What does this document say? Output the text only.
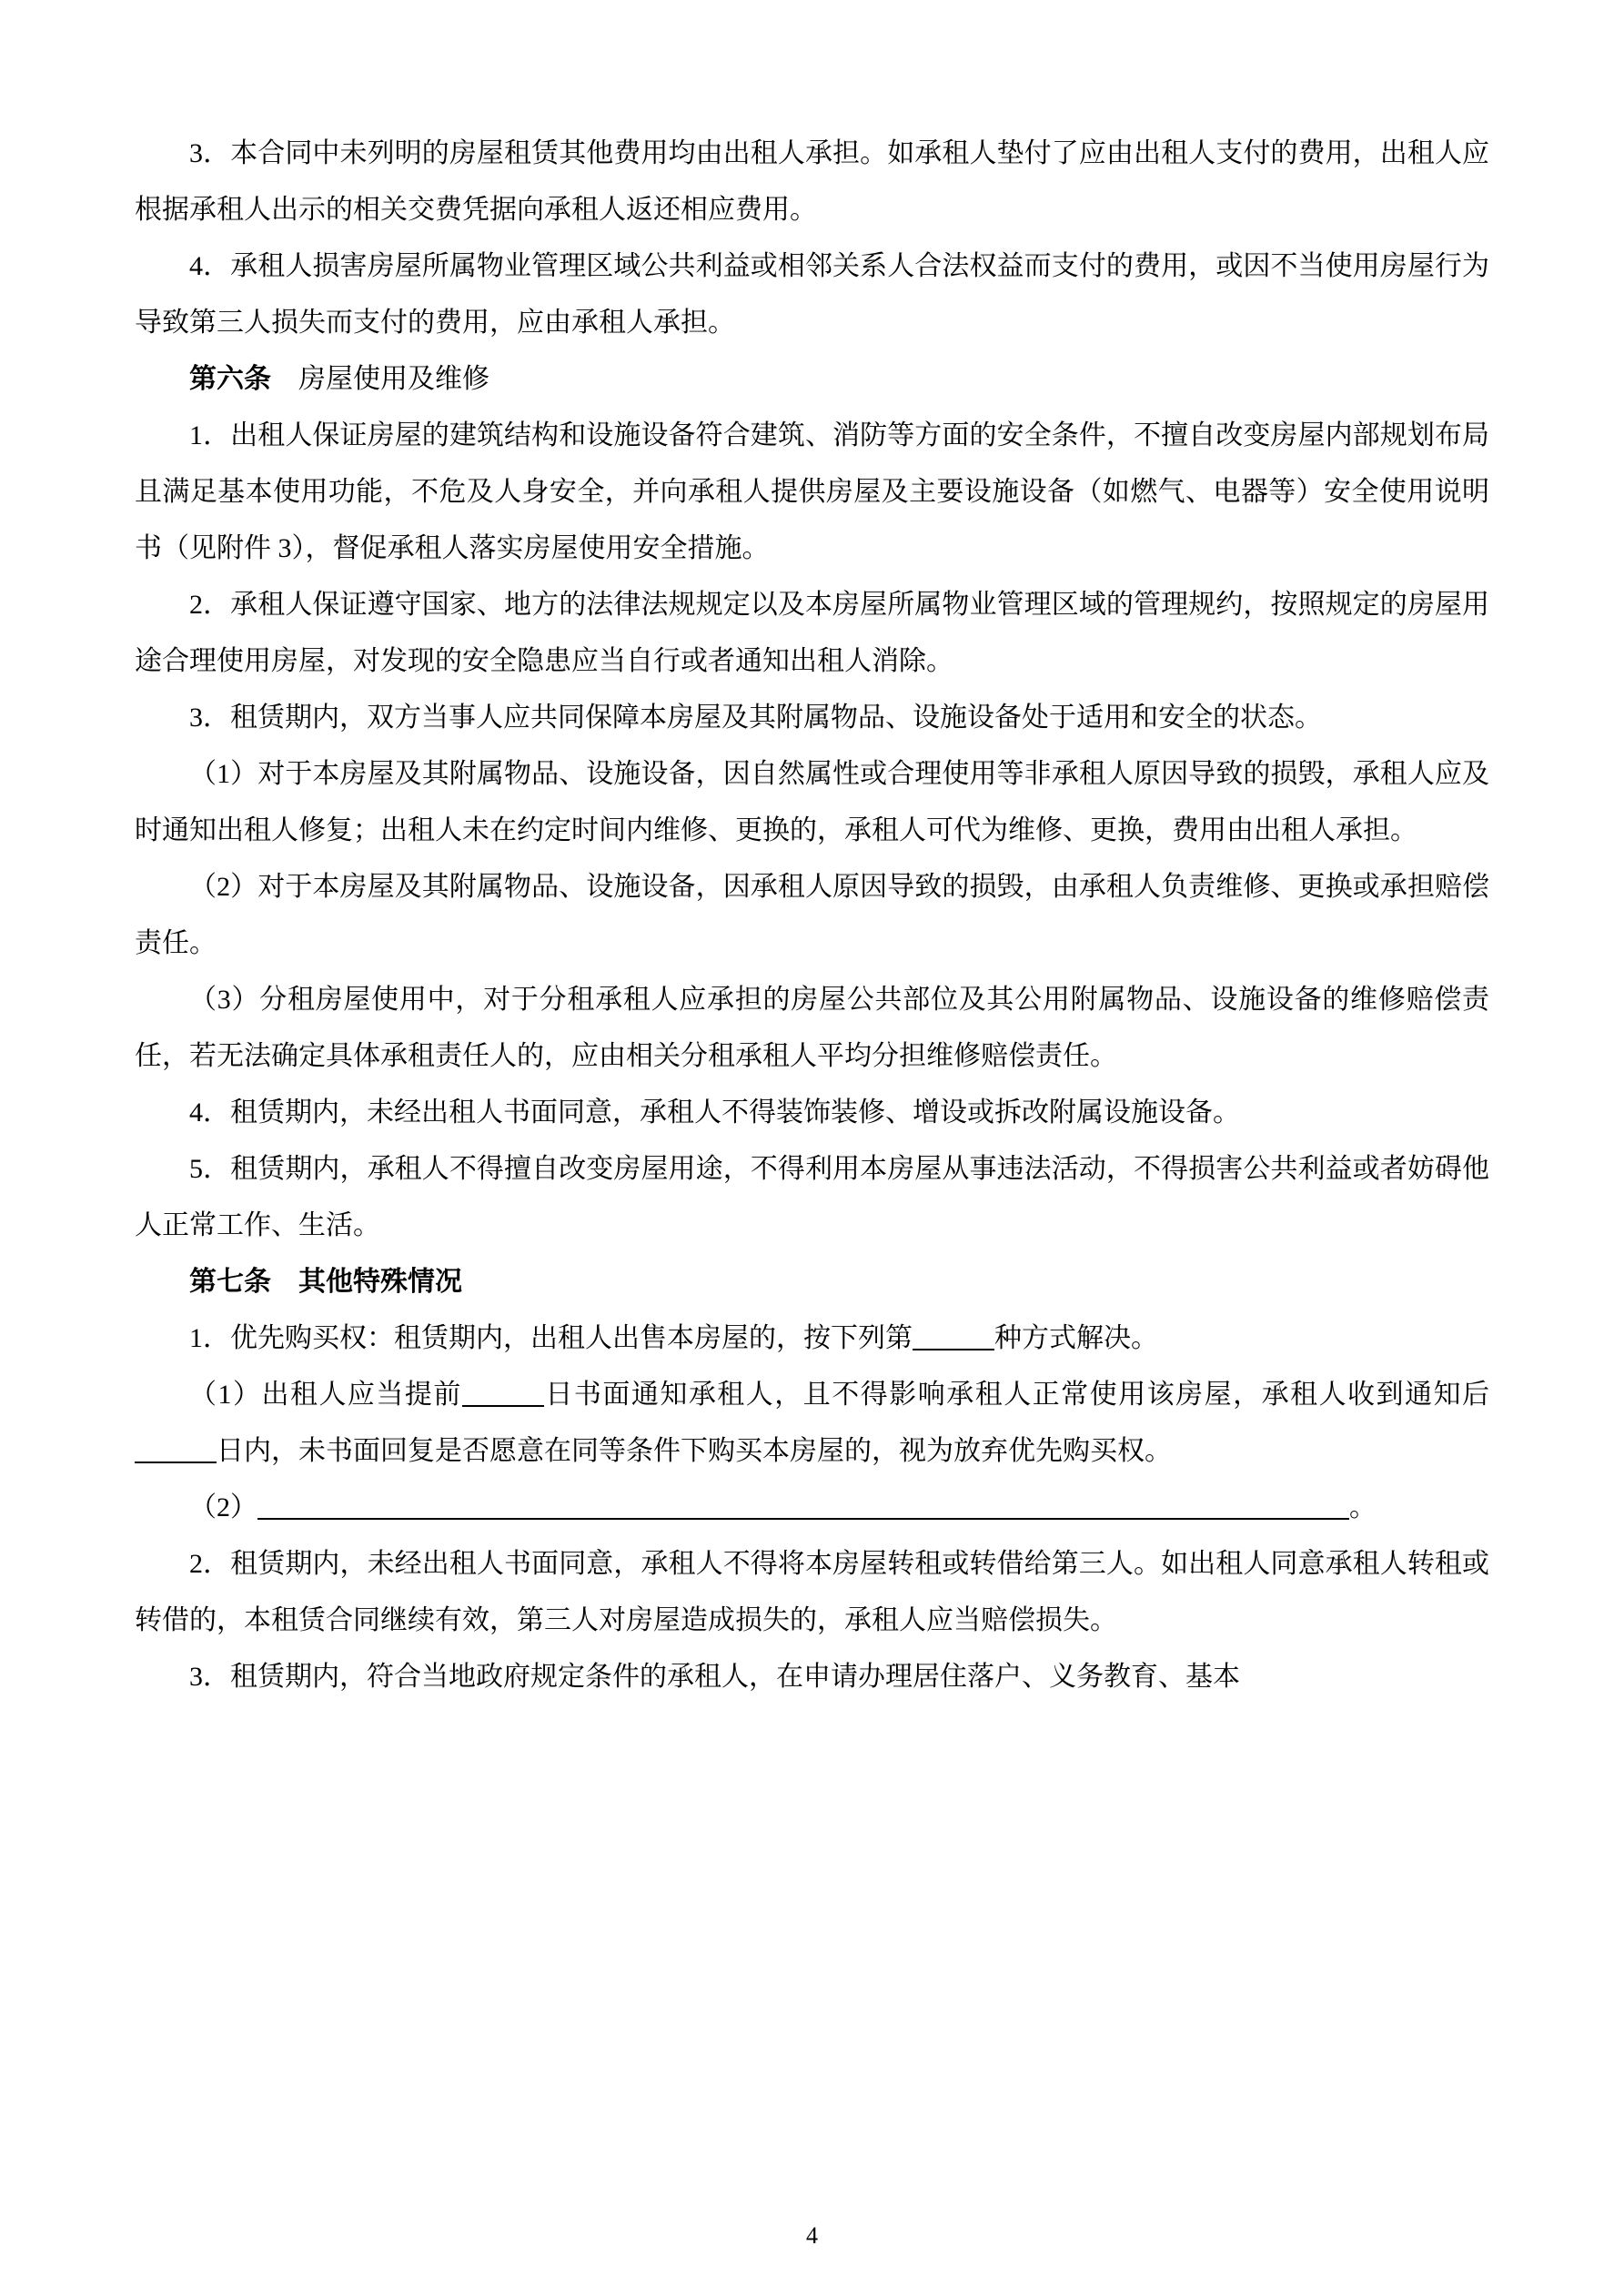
3．本合同中未列明的房屋租赁其他费用均由出租人承担。如承租人垫付了应由出租人支付的费用，出租人应根据承租人出示的相关交费凭据向承租人返还相应费用。

4．承租人损害房屋所属物业管理区域公共利益或相邻关系人合法权益而支付的费用，或因不当使用房屋行为导致第三人损失而支付的费用，应由承租人承担。

第六条　房屋使用及维修

1．出租人保证房屋的建筑结构和设施设备符合建筑、消防等方面的安全条件，不擅自改变房屋内部规划布局且满足基本使用功能，不危及人身安全，并向承租人提供房屋及主要设施设备（如燃气、电器等）安全使用说明书（见附件 3），督促承租人落实房屋使用安全措施。

2．承租人保证遵守国家、地方的法律法规规定以及本房屋所属物业管理区域的管理规约，按照规定的房屋用途合理使用房屋，对发现的安全隐患应当自行或者通知出租人消除。

3．租赁期内，双方当事人应共同保障本房屋及其附属物品、设施设备处于适用和安全的状态。

（1）对于本房屋及其附属物品、设施设备，因自然属性或合理使用等非承租人原因导致的损毁，承租人应及时通知出租人修复；出租人未在约定时间内维修、更换的，承租人可代为维修、更换，费用由出租人承担。

（2）对于本房屋及其附属物品、设施设备，因承租人原因导致的损毁，由承租人负责维修、更换或承担赔偿责任。

（3）分租房屋使用中，对于分租承租人应承担的房屋公共部位及其公用附属物品、设施设备的维修赔偿责任，若无法确定具体承租责任人的，应由相关分租承租人平均分担维修赔偿责任。

4．租赁期内，未经出租人书面同意，承租人不得装饰装修、增设或拆改附属设施设备。

5．租赁期内，承租人不得擅自改变房屋用途，不得利用本房屋从事违法活动，不得损害公共利益或者妨碍他人正常工作、生活。

第七条　其他特殊情况

1．优先购买权：租赁期内，出租人出售本房屋的，按下列第	种方式解决。

（1）出租人应当提前	日书面通知承租人，且不得影响承租人正常使用该房屋，承租人收到通知后日内，未书面回复是否愿意在同等条件下购买本房屋的，视为放弃优先购买权。

（2）	。

2．租赁期内，未经出租人书面同意，承租人不得将本房屋转租或转借给第三人。如出租人同意承租人转租或转借的，本租赁合同继续有效，第三人对房屋造成损失的，承租人应当赔偿损失。

3．租赁期内，符合当地政府规定条件的承租人，在申请办理居住落户、义务教育、基本

4
